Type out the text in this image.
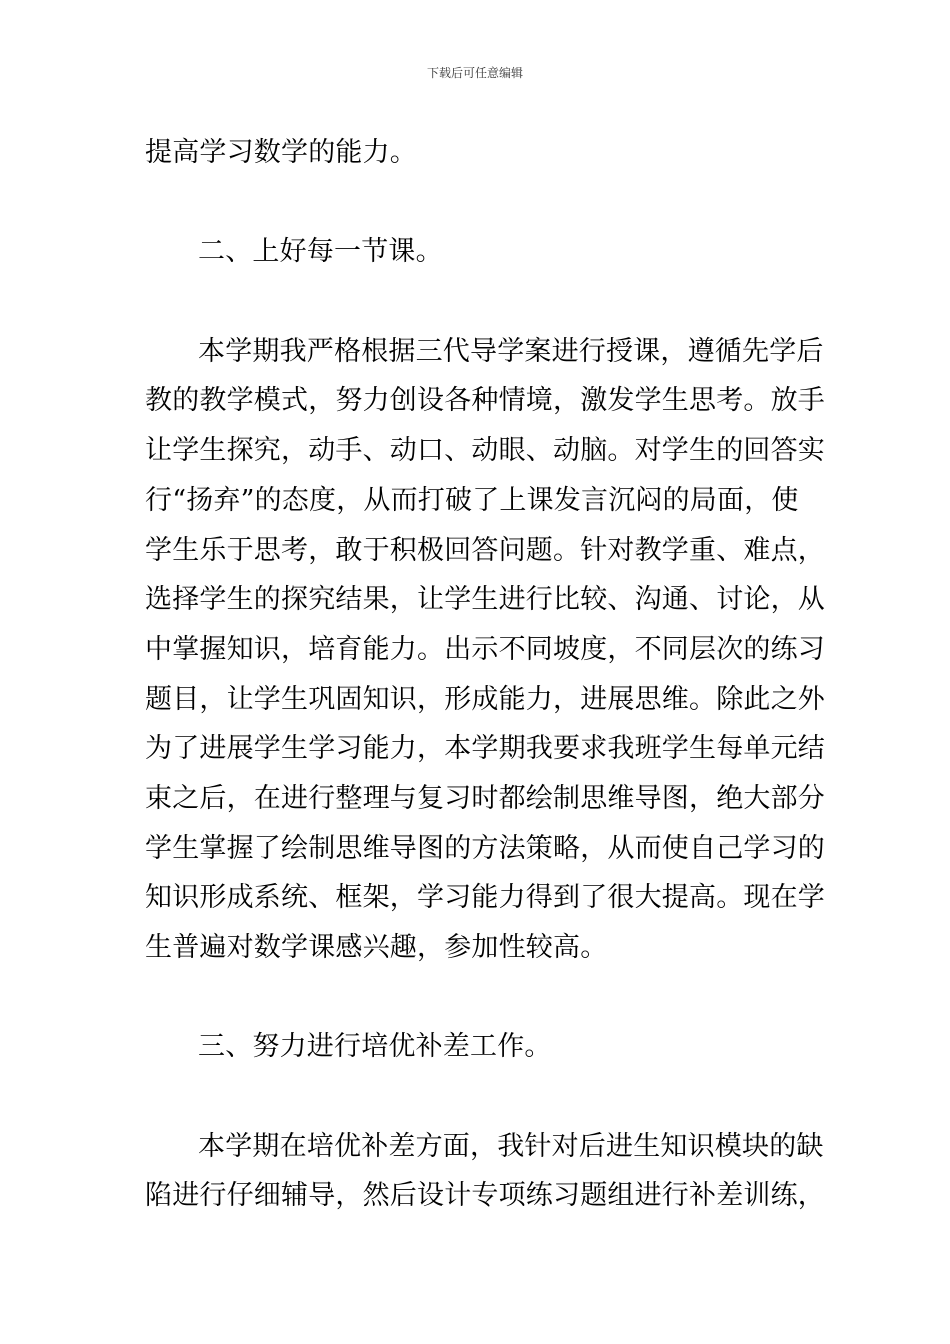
下载后可任意编辑
提高学习数学的能力。
二、上好每一节课。
本学期我严格根据三代导学案进行授课，遵循先学后
教的教学模式，努力创设各种情境，激发学生思考。放手
让学生探究，动手、动口、动眼、动脑。对学生的回答实
行“扬弃”的态度，从而打破了上课发言沉闷的局面，使
学生乐于思考，敢于积极回答问题。针对教学重、难点，
选择学生的探究结果，让学生进行比较、沟通、讨论，从
中掌握知识，培育能力。出示不同坡度，不同层次的练习
题目，让学生巩固知识，形成能力，进展思维。除此之外
为了进展学生学习能力，本学期我要求我班学生每单元结
束之后，在进行整理与复习时都绘制思维导图，绝大部分
学生掌握了绘制思维导图的方法策略，从而使自己学习的
知识形成系统、框架，学习能力得到了很大提高。现在学
生普遍对数学课感兴趣，参加性较高。
三、努力进行培优补差工作。
本学期在培优补差方面，我针对后进生知识模块的缺
陷进行仔细辅导，然后设计专项练习题组进行补差训练，
